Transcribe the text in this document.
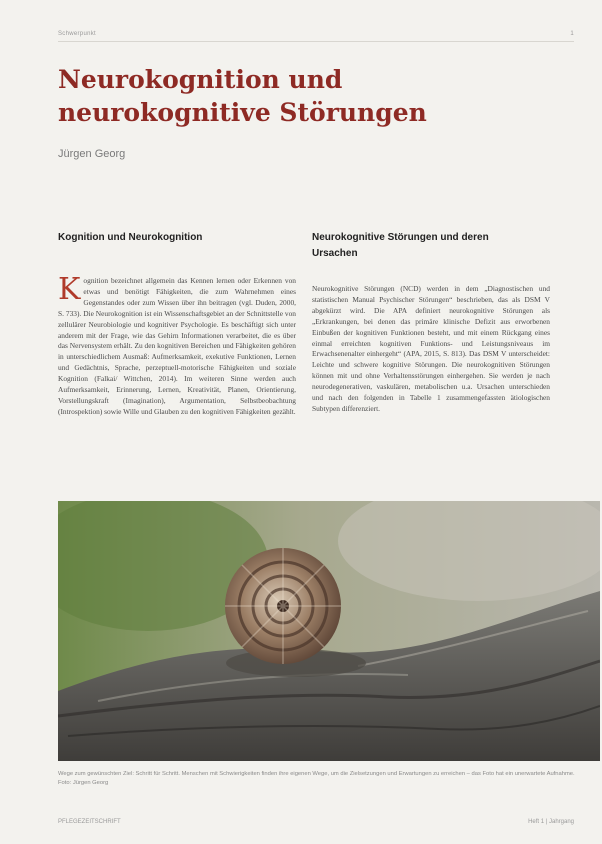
Schwerpunkt	1
Neurokognition und neurokognitive Störungen
Jürgen Georg
Kognition und Neurokognition

Kognition bezeichnet allgemein das Kennen lernen oder Erkennen von etwas und benötigt Fähigkeiten, die zum Wahrnehmen eines Gegenstandes oder zum Wissen über ihn beitragen (vgl. Duden, 2000, S. 733). Die Neurokognition ist ein Wissenschaftsgebiet an der Schnittstelle von zellulärer Neurobiologie und kognitiver Psychologie. Es beschäftigt sich unter anderem mit der Frage, wie das Gehirn Informationen verarbeitet, die es über das Nervensystem erhält. Zu den kognitiven Bereichen und Fähigkeiten gehören in unterschiedlichem Ausmaß: Aufmerksamkeit, exekutive Funktionen, Lernen und Gedächtnis, Sprache, perzeptuell-motorische Fähigkeiten und soziale Kognition (Falkai/ Wittchen, 2014). Im weiteren Sinne werden auch Aufmerksamkeit, Erinnerung, Lernen, Kreativität, Planen, Orientierung, Vorstellungskraft (Imagination), Argumentation, Selbstbeobachtung (Introspektion) sowie Wille und Glauben zu den kognitiven Fähigkeiten gezählt.

Neurokognitive Störungen und deren Ursachen

Neurokognitive Störungen (NCD) werden in dem „Diagnostischen und statistischen Manual Psychischer Störungen“ beschrieben, das als DSM V abgekürzt wird. Die APA definiert neurokognitive Störungen als „Erkrankungen, bei denen das primäre klinische Defizit aus erworbenen Einbußen der kognitiven Funktionen besteht, und mit einem Rückgang eines einmal erreichten kognitiven Funktions- und Leistungsniveaus im Erwachsenenalter einhergeht“ (APA, 2015, S. 813). Das DSM V unterscheidet: Leichte und schwere kognitive Störungen. Die neurokognitiven Störungen können mit und ohne Verhaltensstörungen einhergehen. Sie werden je nach neurodegenerativen, vaskulären, metabolischen u.a. Ursachen unterschieden und nach den folgenden in Tabelle 1 zusammengefassten ätiologischen Subtypen differenziert.

Wege zum gewünschten Ziel: Schritt für Schritt. Menschen mit Schwierigkeiten finden ihre eigenen Wege, um die Zielsetzungen und Erwartungen zu erreichen – das Foto hat ein unerwartete Aufnahme. Foto: Jürgen Georg

PFLEGEZEITSCHRIFT	Heft 1 | Jahrgang
